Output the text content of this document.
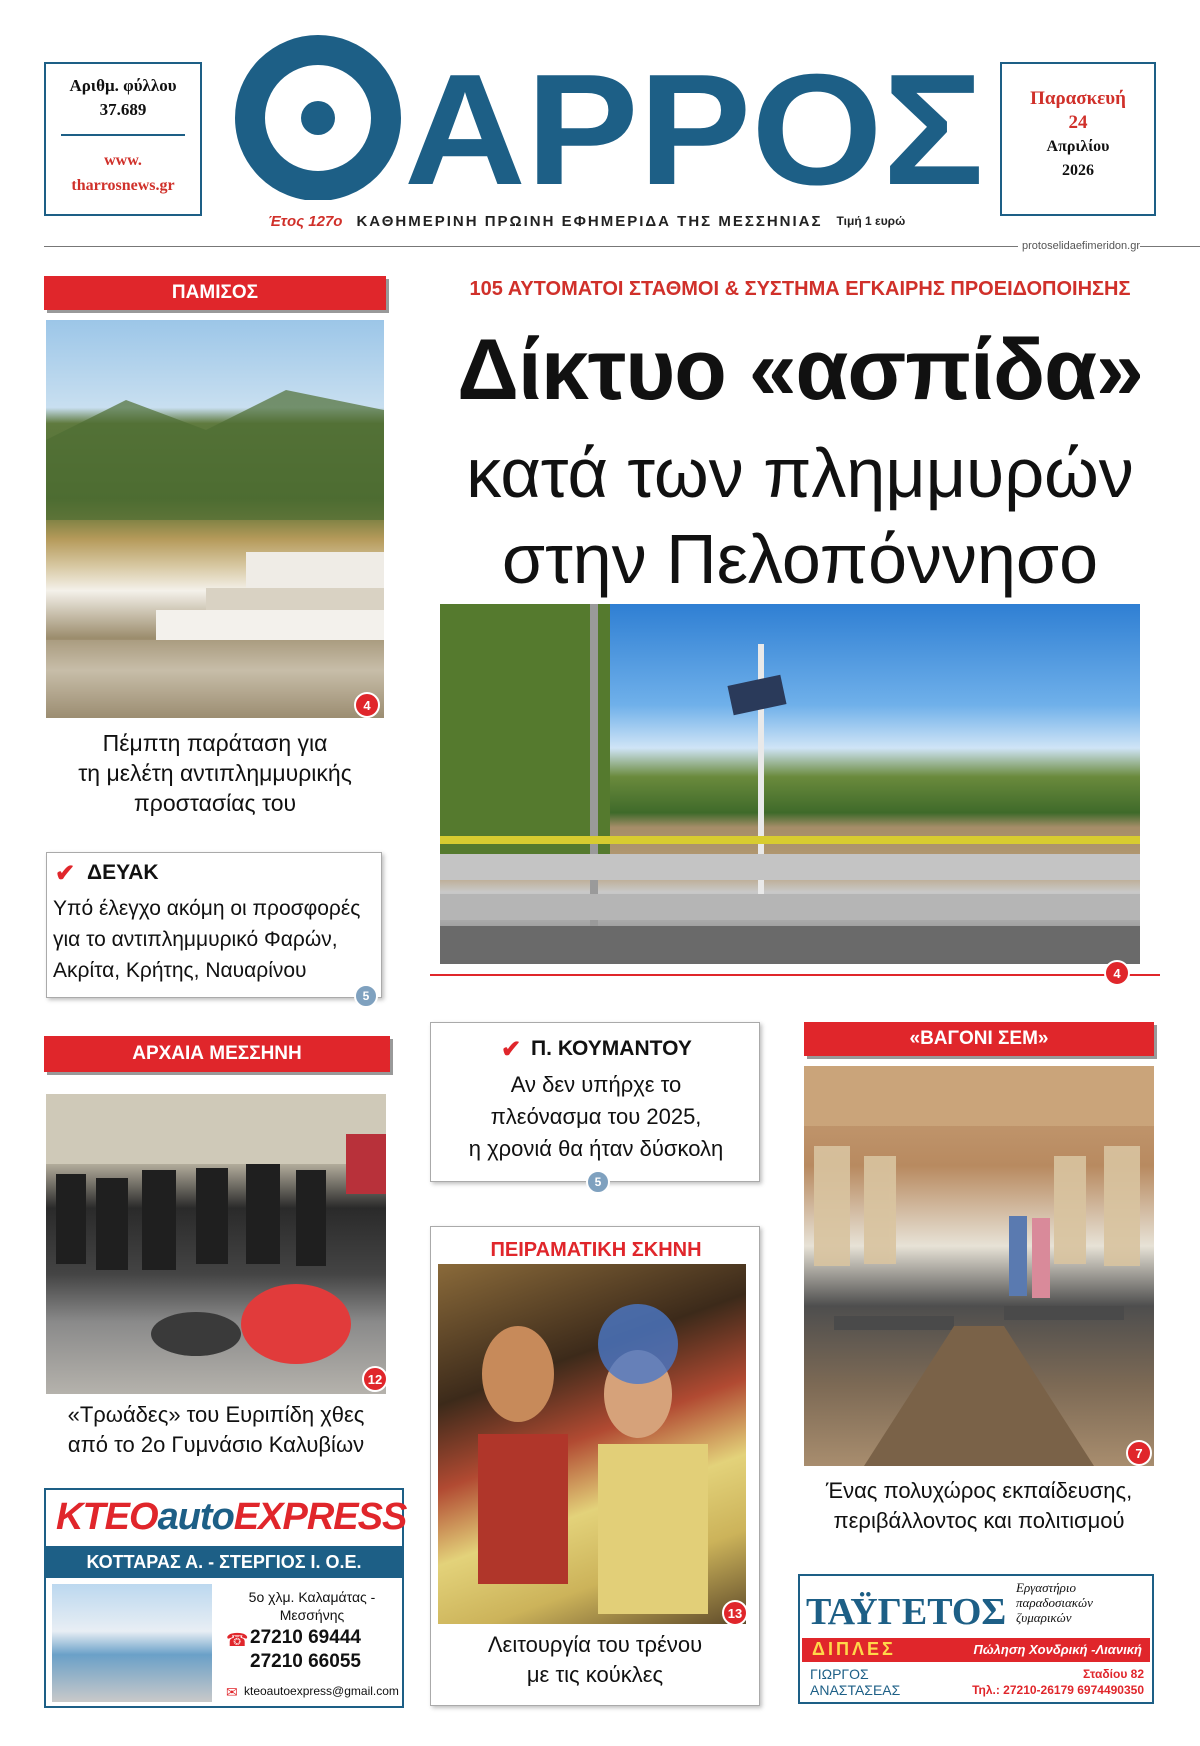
Αριθμ. φύλλου
37.689
www.
tharrosnews.gr ΑΡΡΟΣ	Παρασκευή
24
Απριλίου
2026
Έτος 127ο ΚΑΘΗΜΕΡΙΝΗ ΠΡΩΙΝΗ ΕΦΗΜΕΡΙΔΑ ΤΗΣ ΜΕΣΣΗΝΙΑΣ Τιμή 1 ευρώ
protoselidaefimeridon.gr
ΠΑΜΙΣΟΣ
4
Πέμπτη παράταση για
τη μελέτη αντιπλημμυρικής
προστασίας του
✔ ΔΕΥΑΚ
Υπό έλεγχο ακόμη οι προσφορές
για το αντιπλημμυρικό Φαρών,
Ακρίτα, Κρήτης, Ναυαρίνου
5
105 ΑΥΤΟΜΑΤΟΙ ΣΤΑΘΜΟΙ & ΣΥΣΤΗΜΑ ΕΓΚΑΙΡΗΣ ΠΡΟΕΙΔΟΠΟΙΗΣΗΣ
Δίκτυο «ασπίδα»
κατά των πλημμυρών
στην Πελοπόννησο
4
ΑΡΧΑΙΑ ΜΕΣΣΗΝΗ
12
«Τρωάδες» του Ευριπίδη χθες
από το 2ο Γυμνάσιο Καλυβίων
✔ Π. ΚΟΥΜΑΝΤΟΥ
Αν δεν υπήρχε το
πλεόνασμα του 2025,
η χρονιά θα ήταν δύσκολη
5
ΠΕΙΡΑΜΑΤΙΚΗ ΣΚΗΝΗ
13
Λειτουργία του τρένου
με τις κούκλες
«ΒΑΓΟΝΙ ΣΕΜ»
7
Ένας πολυχώρος εκπαίδευσης,
περιβάλλοντος και πολιτισμού
KTEOautoEXPRESS
ΚΟΤΤΑΡΑΣ Α. - ΣΤΕΡΓΙΟΣ Ι. Ο.Ε.
5ο χλμ. Καλαμάτας -
Μεσσήνης
☎ 27210 69444
27210 66055
✉ kteoautoexpress@gmail.com
ΤΑΫΓΕΤΟΣ
Εργαστήριο
παραδοσιακών
ζυμαρικών
ΔΙΠΛΕΣ	Πώληση Χονδρική -Λιανική
ΓΙΩΡΓΟΣ
ΑΝΑΣΤΑΣΕΑΣ
Σταδίου 82
Τηλ.: 27210-26179 6974490350
